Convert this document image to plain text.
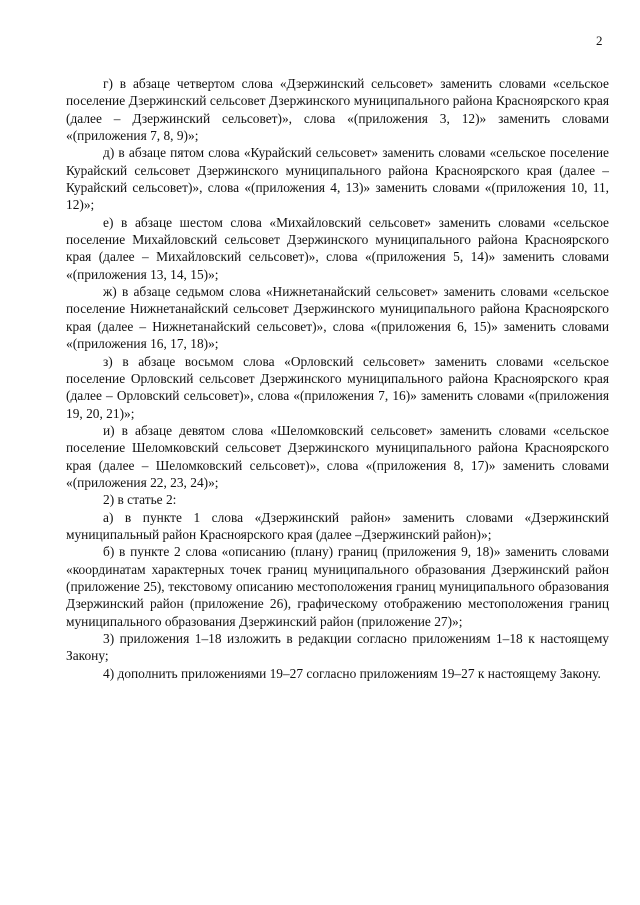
2

г) в абзаце четвертом слова «Дзержинский сельсовет» заменить словами «сельское поселение Дзержинский сельсовет Дзержинского муниципального района Красноярского края (далее – Дзержинский сельсовет)», слова «(приложения 3, 12)» заменить словами «(приложения 7, 8, 9)»;

д) в абзаце пятом слова «Курайский сельсовет» заменить словами «сельское поселение Курайский сельсовет Дзержинского муниципального района Красноярского края (далее – Курайский сельсовет)», слова «(приложения 4, 13)» заменить словами «(приложения 10, 11, 12)»;

е) в абзаце шестом слова «Михайловский сельсовет» заменить словами «сельское поселение Михайловский сельсовет Дзержинского муниципального района Красноярского края (далее – Михайловский сельсовет)», слова «(приложения 5, 14)» заменить словами «(приложения 13, 14, 15)»;

ж) в абзаце седьмом слова «Нижнетанайский сельсовет» заменить словами «сельское поселение Нижнетанайский сельсовет Дзержинского муниципального района Красноярского края (далее – Нижнетанайский сельсовет)», слова «(приложения 6, 15)» заменить словами «(приложения 16, 17, 18)»;

з) в абзаце восьмом слова «Орловский сельсовет» заменить словами «сельское поселение Орловский сельсовет Дзержинского муниципального района Красноярского края (далее – Орловский сельсовет)», слова «(приложения 7, 16)» заменить словами «(приложения 19, 20, 21)»;

и) в абзаце девятом слова «Шеломковский сельсовет» заменить словами «сельское поселение Шеломковский сельсовет Дзержинского муниципального района Красноярского края (далее – Шеломковский сельсовет)», слова «(приложения 8, 17)» заменить словами «(приложения 22, 23, 24)»;

2) в статье 2:

а) в пункте 1 слова «Дзержинский район» заменить словами «Дзержинский муниципальный район Красноярского края (далее –Дзержинский район)»;

б) в пункте 2 слова «описанию (плану) границ (приложения 9, 18)» заменить словами «координатам характерных точек границ муниципального образования Дзержинский район (приложение 25), текстовому описанию местоположения границ муниципального образования Дзержинский район (приложение 26), графическому отображению местоположения границ муниципального образования Дзержинский район (приложение 27)»;

3) приложения 1–18 изложить в редакции согласно приложениям 1–18 к настоящему Закону;

4) дополнить приложениями 19–27 согласно приложениям 19–27 к настоящему Закону.
